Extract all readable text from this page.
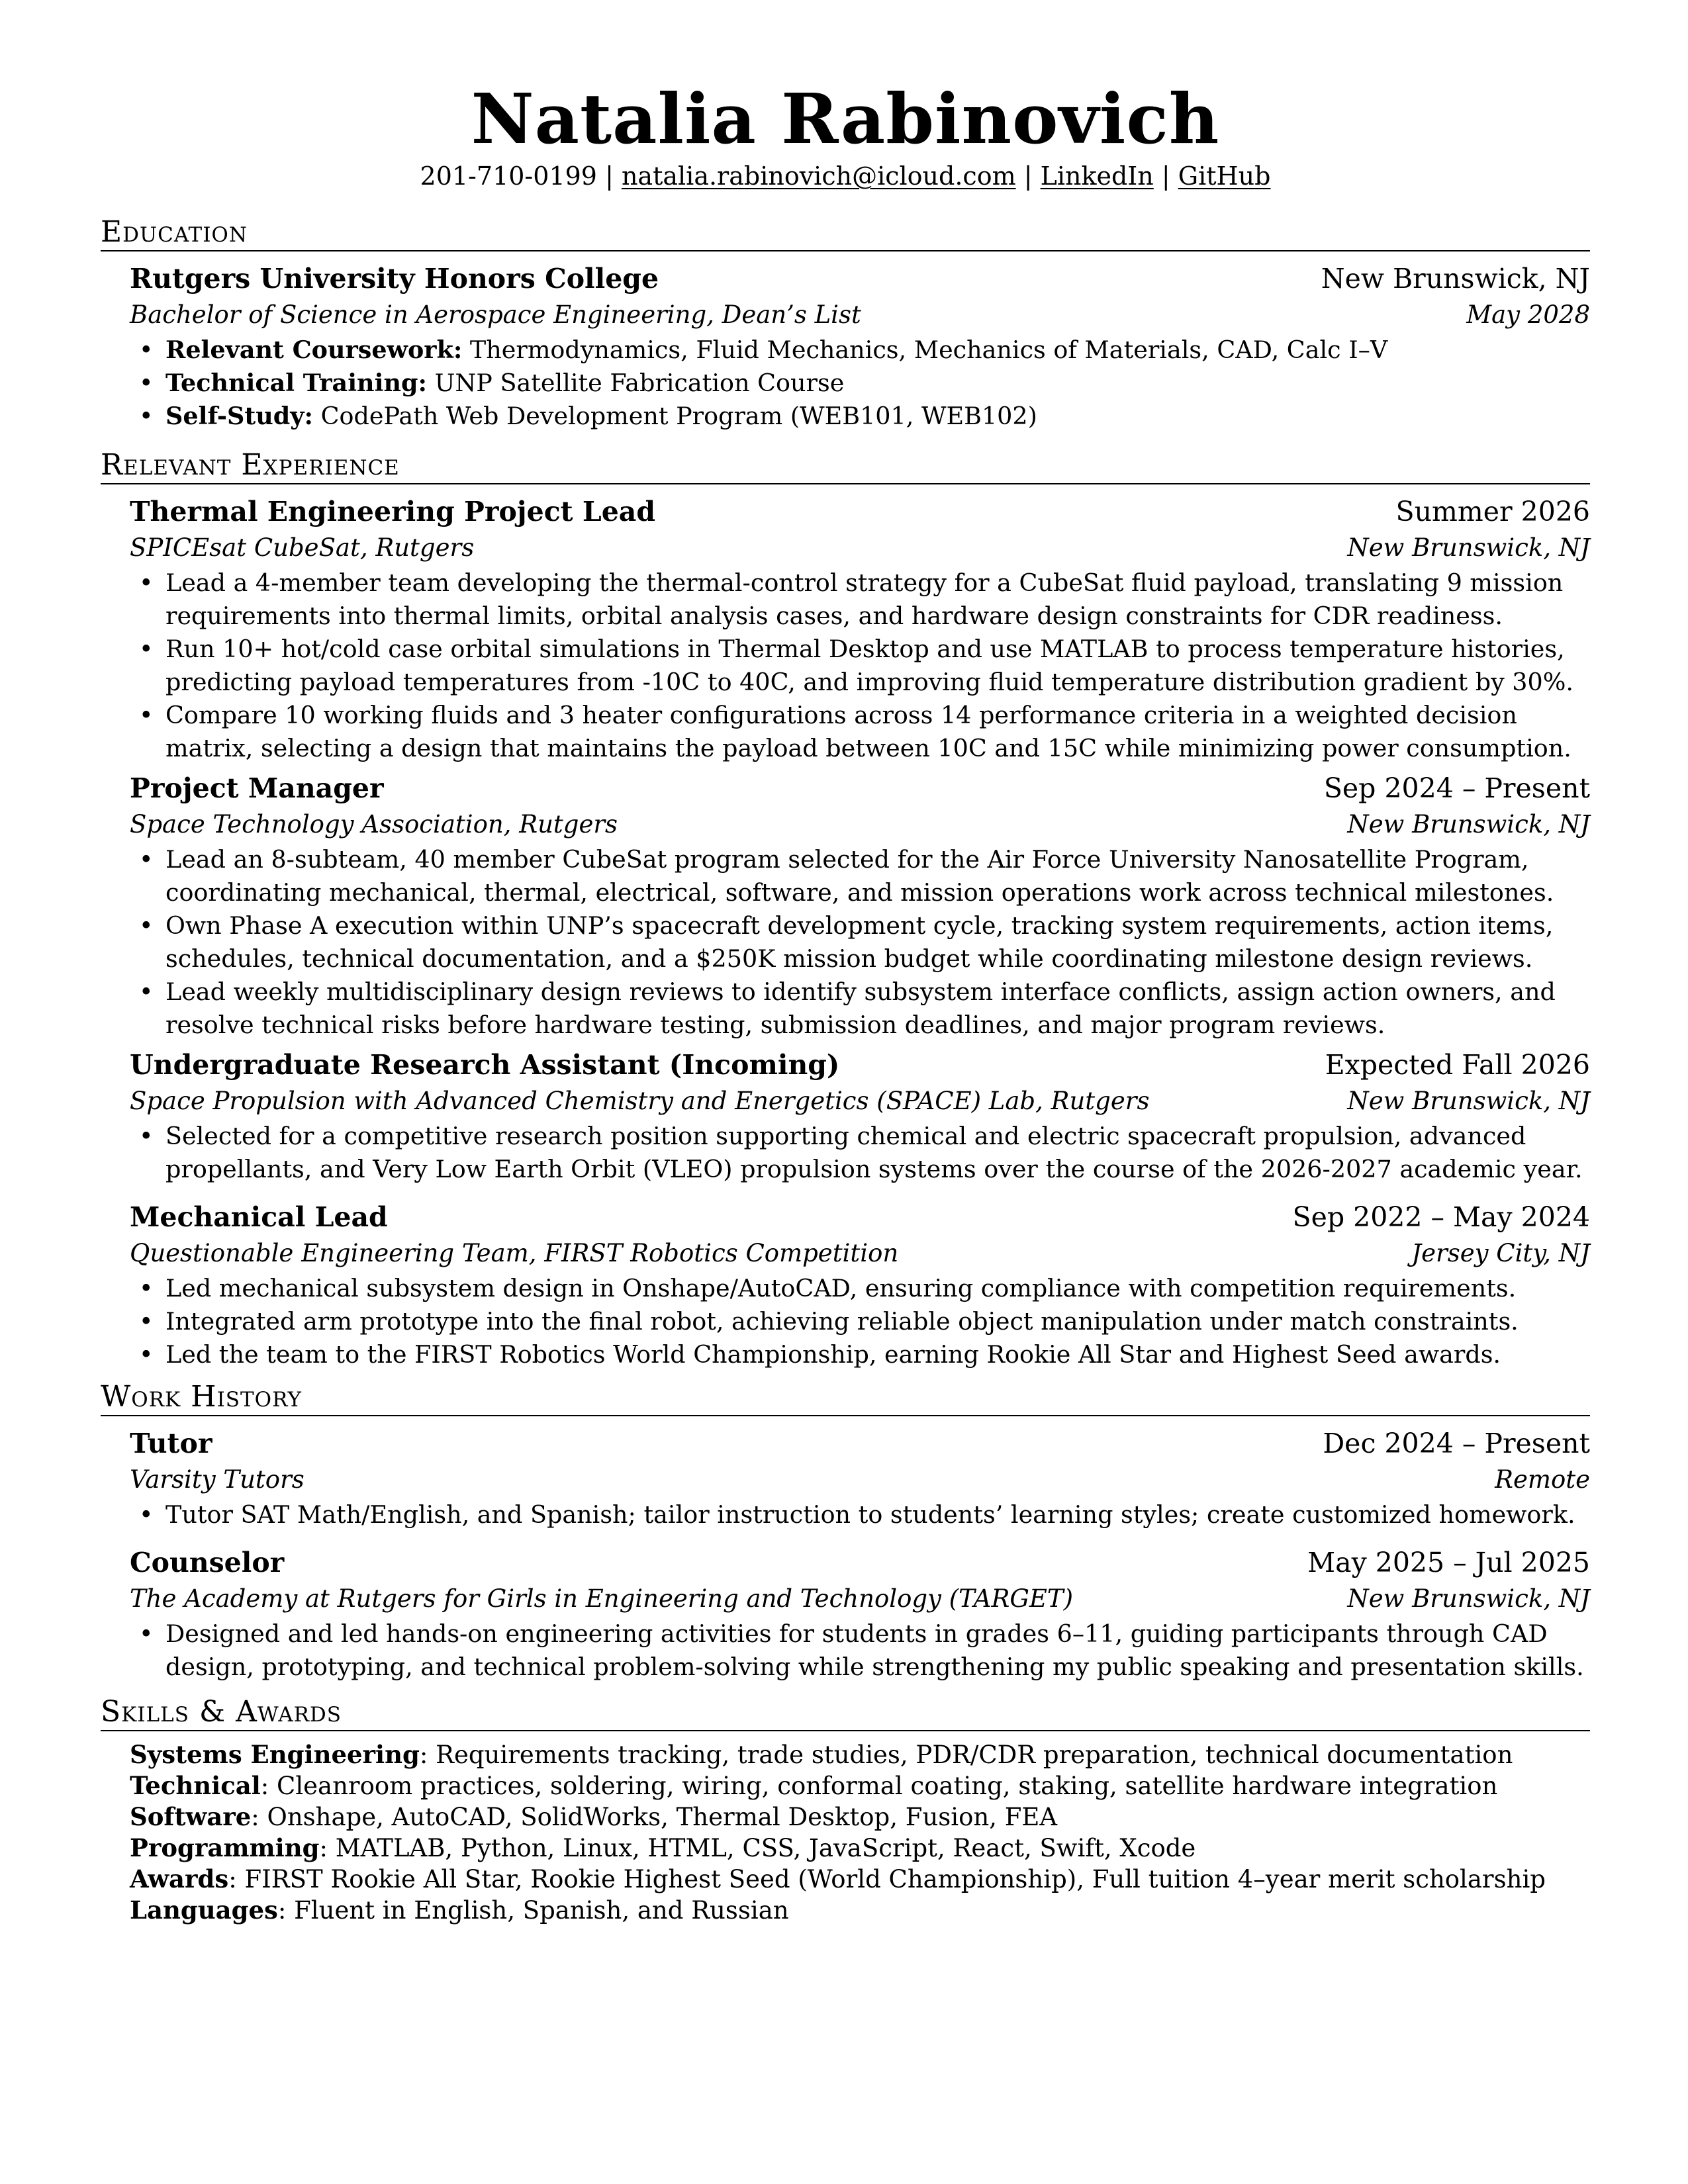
Natalia Rabinovich
201-710-0199 | natalia.rabinovich@icloud.com | LinkedIn | GitHub
Education
Rutgers University Honors College	New Brunswick, NJ
Bachelor of Science in Aerospace Engineering, Dean’s List	May 2028
• Relevant Coursework: Thermodynamics, Fluid Mechanics, Mechanics of Materials, CAD, Calc I–V
• Technical Training: UNP Satellite Fabrication Course
• Self-Study: CodePath Web Development Program (WEB101, WEB102)
Relevant Experience
Thermal Engineering Project Lead	Summer 2026
SPICEsat CubeSat, Rutgers	New Brunswick, NJ
• Lead a 4-member team developing the thermal-control strategy for a CubeSat fluid payload, translating 9 mission requirements into thermal limits, orbital analysis cases, and hardware design constraints for CDR readiness.
• Run 10+ hot/cold case orbital simulations in Thermal Desktop and use MATLAB to process temperature histories, predicting payload temperatures from -10C to 40C, and improving fluid temperature distribution gradient by 30%.
• Compare 10 working fluids and 3 heater configurations across 14 performance criteria in a weighted decision matrix, selecting a design that maintains the payload between 10C and 15C while minimizing power consumption.
Project Manager	Sep 2024 – Present
Space Technology Association, Rutgers	New Brunswick, NJ
• Lead an 8-subteam, 40 member CubeSat program selected for the Air Force University Nanosatellite Program, coordinating mechanical, thermal, electrical, software, and mission operations work across technical milestones.
• Own Phase A execution within UNP’s spacecraft development cycle, tracking system requirements, action items, schedules, technical documentation, and a $250K mission budget while coordinating milestone design reviews.
• Lead weekly multidisciplinary design reviews to identify subsystem interface conflicts, assign action owners, and resolve technical risks before hardware testing, submission deadlines, and major program reviews.
Undergraduate Research Assistant (Incoming)	Expected Fall 2026
Space Propulsion with Advanced Chemistry and Energetics (SPACE) Lab, Rutgers	New Brunswick, NJ
• Selected for a competitive research position supporting chemical and electric spacecraft propulsion, advanced propellants, and Very Low Earth Orbit (VLEO) propulsion systems over the course of the 2026-2027 academic year.
Mechanical Lead	Sep 2022 – May 2024
Questionable Engineering Team, FIRST Robotics Competition	Jersey City, NJ
• Led mechanical subsystem design in Onshape/AutoCAD, ensuring compliance with competition requirements.
• Integrated arm prototype into the final robot, achieving reliable object manipulation under match constraints.
• Led the team to the FIRST Robotics World Championship, earning Rookie All Star and Highest Seed awards.
Work History
Tutor	Dec 2024 – Present
Varsity Tutors	Remote
• Tutor SAT Math/English, and Spanish; tailor instruction to students’ learning styles; create customized homework.
Counselor	May 2025 – Jul 2025
The Academy at Rutgers for Girls in Engineering and Technology (TARGET)	New Brunswick, NJ
• Designed and led hands-on engineering activities for students in grades 6–11, guiding participants through CAD design, prototyping, and technical problem-solving while strengthening my public speaking and presentation skills.
Skills & Awards
Systems Engineering: Requirements tracking, trade studies, PDR/CDR preparation, technical documentation
Technical: Cleanroom practices, soldering, wiring, conformal coating, staking, satellite hardware integration
Software: Onshape, AutoCAD, SolidWorks, Thermal Desktop, Fusion, FEA
Programming: MATLAB, Python, Linux, HTML, CSS, JavaScript, React, Swift, Xcode
Awards: FIRST Rookie All Star, Rookie Highest Seed (World Championship), Full tuition 4–year merit scholarship
Languages: Fluent in English, Spanish, and Russian
